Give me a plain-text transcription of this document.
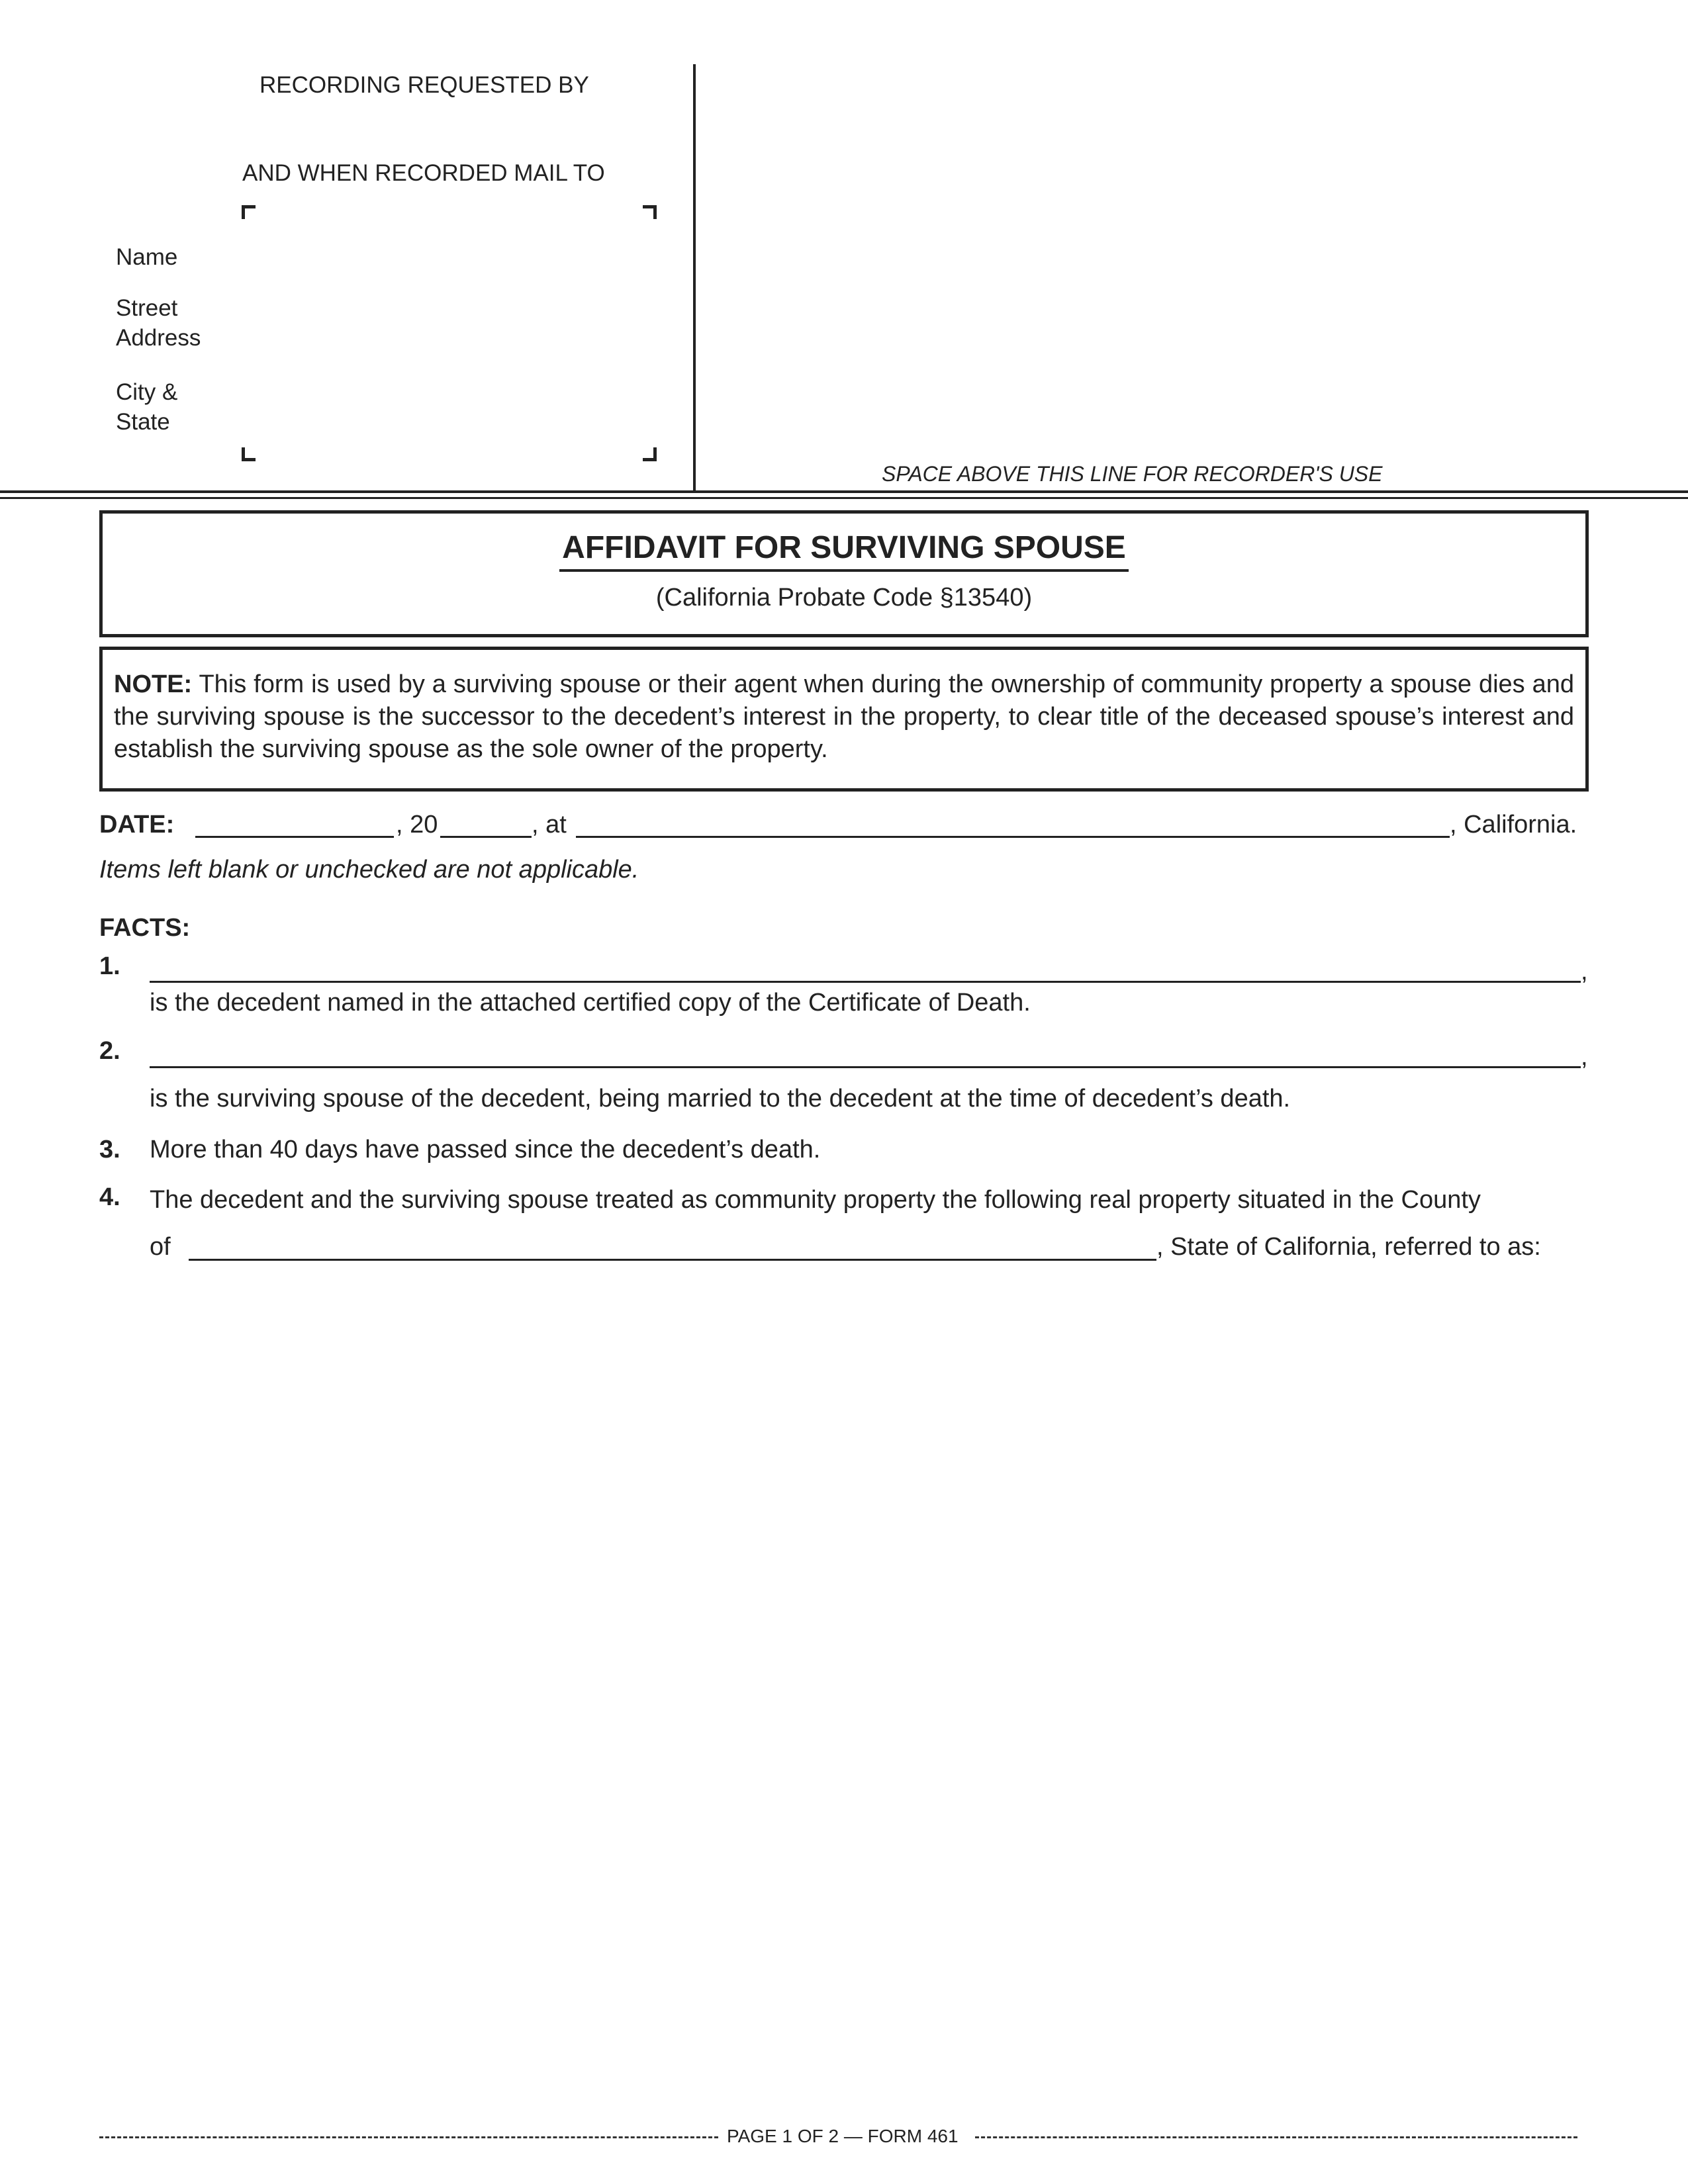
RECORDING REQUESTED BY
AND WHEN RECORDED MAIL TO
Name
Street
Address
City &
State
SPACE ABOVE THIS LINE FOR RECORDER'S USE
AFFIDAVIT FOR SURVIVING SPOUSE
(California Probate Code §13540)
NOTE: This form is used by a surviving spouse or their agent when during the ownership of community property a spouse dies and the surviving spouse is the successor to the decedent’s interest in the property, to clear title of the deceased spouse’s interest and establish the surviving spouse as the sole owner of the property.
DATE:	, 20	, at	, California.
Items left blank or unchecked are not applicable.
FACTS:
1.	,
is the decedent named in the attached certified copy of the Certificate of Death.
2.	,
is the surviving spouse of the decedent, being married to the decedent at the time of decedent’s death.
3. More than 40 days have passed since the decedent’s death.
4. The decedent and the surviving spouse treated as community property the following real property situated in the County
of	, State of California, referred to as:
PAGE 1 OF 2 — FORM 461
